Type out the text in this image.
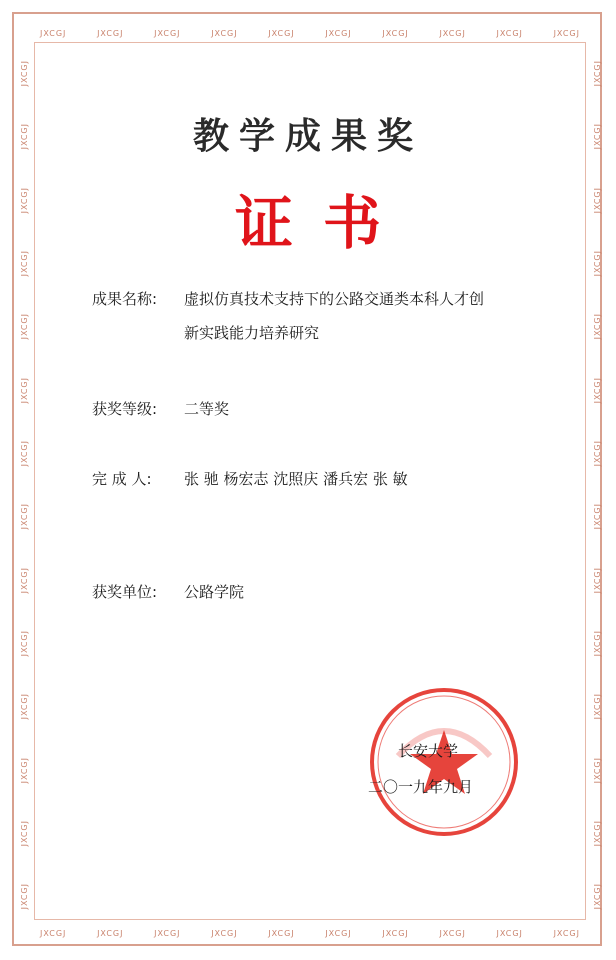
JXCGJ	JXCGJ	JXCGJ	JXCGJ	JXCGJ	JXCGJ	JXCGJ	JXCGJ	JXCGJ	JXCGJ
JXCGJ	JXCGJ	JXCGJ	JXCGJ	JXCGJ	JXCGJ	JXCGJ	JXCGJ	JXCGJ	JXCGJ
JXCGJ
JXCGJ
JXCGJ
JXCGJ
JXCGJ
JXCGJ
JXCGJ
JXCGJ
JXCGJ
JXCGJ
JXCGJ
JXCGJ
JXCGJ
JXCGJ
JXCGJ
JXCGJ
JXCGJ
JXCGJ
JXCGJ
JXCGJ
JXCGJ
JXCGJ
JXCGJ
JXCGJ
JXCGJ
JXCGJ
JXCGJ
JXCGJ
教学成果奖
证书
成果名称: 虚拟仿真技术支持下的公路交通类本科人才创
新实践能力培养研究
获奖等级: 二等奖
完 成 人: 张 驰 杨宏志 沈照庆 潘兵宏 张 敏
获奖单位: 公路学院
长安大学
二〇一九年九月
